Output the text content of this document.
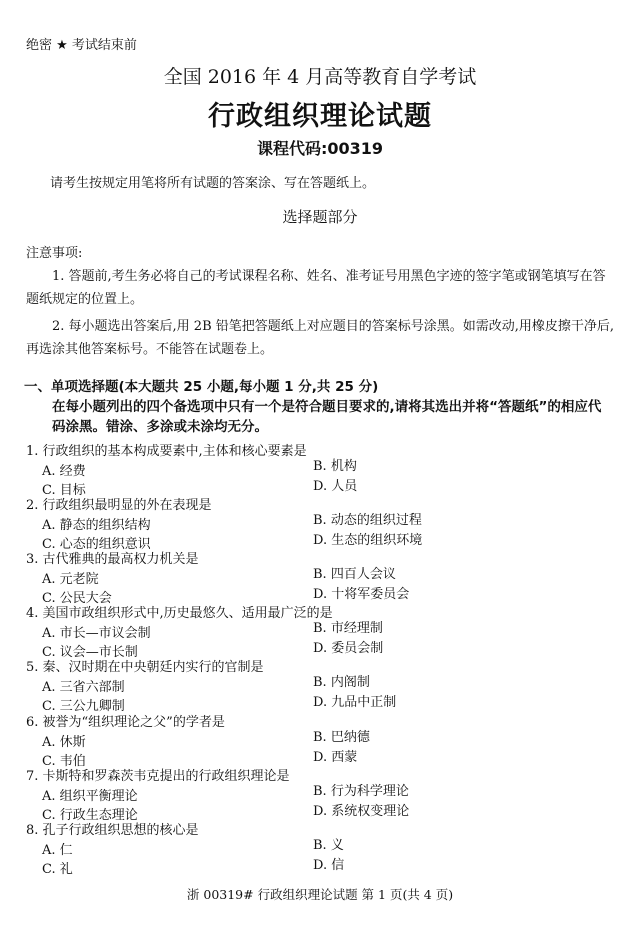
绝密 ★ 考试结束前
全国 2016 年 4 月高等教育自学考试
行政组织理论试题
课程代码:00319
请考生按规定用笔将所有试题的答案涂、写在答题纸上。
选择题部分
注意事项:
1. 答题前,考生务必将自己的考试课程名称、姓名、准考证号用黑色字迹的签字笔或钢笔填写在答题纸规定的位置上。
2. 每小题选出答案后,用 2B 铅笔把答题纸上对应题目的答案标号涂黑。如需改动,用橡皮擦干净后,再选涂其他答案标号。不能答在试题卷上。
一、单项选择题(本大题共 25 小题,每小题 1 分,共 25 分)
在每小题列出的四个备选项中只有一个是符合题目要求的,请将其选出并将“答题纸”的相应代码涂黑。错涂、多涂或未涂均无分。
1. 行政组织的基本构成要素中,主体和核心要素是
A. 经费	B. 机构
C. 目标	D. 人员
2. 行政组织最明显的外在表现是
A. 静态的组织结构	B. 动态的组织过程
C. 心态的组织意识	D. 生态的组织环境
3. 古代雅典的最高权力机关是
A. 元老院	B. 四百人会议
C. 公民大会	D. 十将军委员会
4. 美国市政组织形式中,历史最悠久、适用最广泛的是
A. 市长—市议会制	B. 市经理制
C. 议会—市长制	D. 委员会制
5. 秦、汉时期在中央朝廷内实行的官制是
A. 三省六部制	B. 内阁制
C. 三公九卿制	D. 九品中正制
6. 被誉为“组织理论之父”的学者是
A. 休斯	B. 巴纳德
C. 韦伯	D. 西蒙
7. 卡斯特和罗森茨韦克提出的行政组织理论是
A. 组织平衡理论	B. 行为科学理论
C. 行政生态理论	D. 系统权变理论
8. 孔子行政组织思想的核心是
A. 仁	B. 义
C. 礼	D. 信
浙 00319# 行政组织理论试题 第 1 页(共 4 页)
